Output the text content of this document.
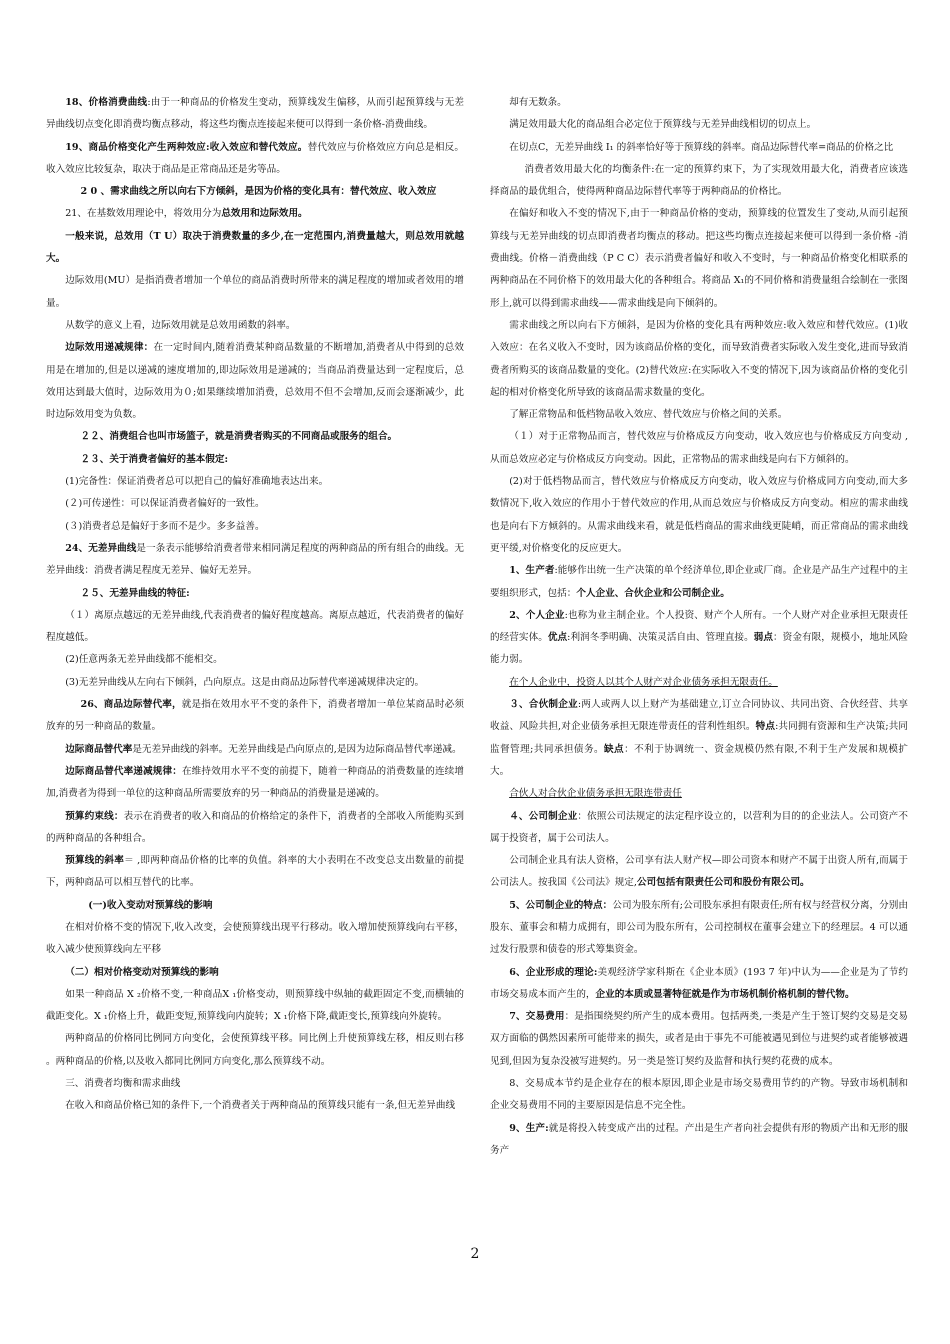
18、价格消费曲线:由于一种商品的价格发生变动，预算线发生偏移，从而引起预算线与无差异曲线切点变化即消费均衡点移动，将这些均衡点连接起来便可以得到一条价格-消费曲线。

19、商品价格变化产生两种效应:收入效应和替代效应。替代效应与价格效应方向总是相反。收入效应比较复杂，取决于商品是正常商品还是劣等品。

2 0 、需求曲线之所以向右下方倾斜，是因为价格的变化具有：替代效应、收入效应

21、在基数效用理论中，将效用分为总效用和边际效用。

一般来说，总效用（T U）取决于消费数量的多少,在一定范围内,消费量越大，则总效用就越大。

边际效用(MU）是指消费者增加一个单位的商品消费时所带来的满足程度的增加或者效用的增量。

从数学的意义上看，边际效用就是总效用函数的斜率。

边际效用递减规律：在一定时间内,随着消费某种商品数量的不断增加,消费者从中得到的总效用是在增加的,但是以递减的速度增加的,即边际效用是递减的；当商品消费量达到一定程度后，总效用达到最大值时，边际效用为０;如果继续增加消费，总效用不但不会增加,反而会逐渐减少，此时边际效用变为负数。

２２、消费组合也叫市场篮子，就是消费者购买的不同商品或服务的组合。

２３、关于消费者偏好的基本假定:

(1)完备性：保证消费者总可以把自己的偏好准确地表达出来。

(２)可传递性：可以保证消费者偏好的一致性。

(３)消费者总是偏好于多而不是少。多多益善。

24、无差异曲线是一条表示能够给消费者带来相同满足程度的两种商品的所有组合的曲线。无差异曲线：消费者满足程度无差异、偏好无差异。

２５、无差异曲线的特征:

（１）离原点越远的无差异曲线,代表消费者的偏好程度越高。离原点越近，代表消费者的偏好程度越低。

(2)任意两条无差异曲线都不能相交。

(3)无差异曲线从左向右下倾斜，凸向原点。这是由商品边际替代率递减规律决定的。

26、商品边际替代率，就是指在效用水平不变的条件下，消费者增加一单位某商品时必须放弃的另一种商品的数量。

边际商品替代率是无差异曲线的斜率。无差异曲线是凸向原点的,是因为边际商品替代率递减。

边际商品替代率递减规律：在维持效用水平不变的前提下，随着一种商品的消费数量的连续增加,消费者为得到一单位的这种商品所需要放弃的另一种商品的消费量是递减的。

预算约束线：表示在消费者的收入和商品的价格给定的条件下，消费者的全部收入所能购买到的两种商品的各种组合。

预算线的斜率＝ ,即两种商品价格的比率的负值。斜率的大小表明在不改变总支出数量的前提下，两种商品可以相互替代的比率。

(一)收入变动对预算线的影响

在相对价格不变的情况下,收入改变，会使预算线出现平行移动。收入增加使预算线向右平移，收入减少使预算线向左平移

（二）相对价格变动对预算线的影响

如果一种商品 X ₂价格不变,一种商品X ₁价格变动，则预算线中纵轴的截距固定不变,而横轴的截距变化。X ₁价格上升，截距变短,预算线向内旋转；X ₁价格下降,截距变长,预算线向外旋转。

两种商品的价格同比例同方向变化，会使预算线平移。同比例上升使预算线左移，相反则右移 。两种商品的价格,以及收入都同比例同方向变化,那么预算线不动。

三、消费者均衡和需求曲线

在收入和商品价格已知的条件下,一个消费者关于两种商品的预算线只能有一条,但无差异曲线

却有无数条。

满足效用最大化的商品组合必定位于预算线与无差异曲线相切的切点上。

在切点C，无差异曲线 I₁ 的斜率恰好等于预算线的斜率。商品边际替代率=商品的价格之比

消费者效用最大化的均衡条件:在一定的预算约束下，为了实现效用最大化，消费者应该选择商品的最优组合，使得两种商品边际替代率等于两种商品的价格比。

在偏好和收入不变的情况下,由于一种商品价格的变动，预算线的位置发生了变动,从而引起预算线与无差异曲线的切点即消费者均衡点的移动。把这些均衡点连接起来便可以得到一条价格 -消费曲线。价格－消费曲线（P C C）表示消费者偏好和收入不变时，与一种商品价格变化相联系的两种商品在不同价格下的效用最大化的各种组合。将商品 X₁的不同价格和消费量组合绘制在一张图形上,就可以得到需求曲线——需求曲线是向下倾斜的。

需求曲线之所以向右下方倾斜，是因为价格的变化具有两种效应:收入效应和替代效应。(1)收入效应：在名义收入不变时，因为该商品价格的变化，而导致消费者实际收入发生变化,进而导致消费者所购买的该商品数量的变化。(2)替代效应:在实际收入不变的情况下,因为该商品价格的变化引起的相对价格变化所导致的该商品需求数量的变化。

了解正常物品和低档物品收入效应、替代效应与价格之间的关系。

（１）对于正常物品而言，替代效应与价格成反方向变动，收入效应也与价格成反方向变动 ,从而总效应必定与价格成反方向变动。因此，正常物品的需求曲线是向右下方倾斜的。

(2)对于低档物品而言，替代效应与价格成反方向变动，收入效应与价格成同方向变动,而大多数情况下,收入效应的作用小于替代效应的作用,从而总效应与价格成反方向变动。相应的需求曲线也是向右下方倾斜的。从需求曲线来看，就是低档商品的需求曲线更陡峭，而正常商品的需求曲线更平缓,对价格变化的反应更大。

1、生产者:能够作出统一生产决策的单个经济单位,即企业或厂商。企业是产品生产过程中的主要组织形式，包括：个人企业、合伙企业和公司制企业。

2、个人企业:也称为业主制企业。个人投资、财产个人所有。一个人财产对企业承担无限责任的经营实体。优点:利润冬季明确、决策灵活自由、管理直接。弱点：资金有限，规模小，地址风险能力弱。

在个人企业中，投资人以其个人财产对企业债务承担无限责任。

３、合伙制企业:两人或两人以上财产为基础建立,订立合同协议、共同出资、合伙经营、共享收益、风险共担,对企业债务承担无限连带责任的营利性组织。特点:共同拥有资源和生产决策;共同监督管理;共同承担债务。缺点：不利于协调统一、资金规模仍然有限,不利于生产发展和规模扩大。

合伙人对合伙企业债务承担无限连带责任

４、公司制企业：依照公司法规定的法定程序设立的，以营利为目的的企业法人。公司资产不属于投资者，属于公司法人。

公司制企业具有法人资格，公司享有法人财产权—即公司资本和财产不属于出资人所有,而属于公司法人。按我国《公司法》规定,公司包括有限责任公司和股份有限公司。

5、公司制企业的特点：公司为股东所有;公司股东承担有限责任;所有权与经营权分离，分别由股东、董事会和精力成拥有，即公司为股东所有，公司控制权在董事会建立下的经理层。4 可以通过发行股票和债卷的形式筹集资金。

6、企业形成的理论:美观经济学家科斯在《企业本质》(193 7 年)中认为——企业是为了节约市场交易成本而产生的，企业的本质或显著特征就是作为市场机制价格机制的替代物。

7、交易费用：是指围绕契约所产生的成本费用。包括两类,一类是产生于签订契约交易是交易双方面临的偶然因素所可能带来的损失，或者是由于事先不可能被遇见到位与进契约或者能够被遇见到,但因为复杂没被写进契约。另一类是签订契约及监督和执行契约花费的成本。

8、交易成本节约是企业存在的根本原因,即企业是市场交易费用节约的产物。导致市场机制和企业交易费用不同的主要原因是信息不完全性。

9、生产:就是将投入转变成产出的过程。产出是生产者向社会提供有形的物质产出和无形的服务产

2
